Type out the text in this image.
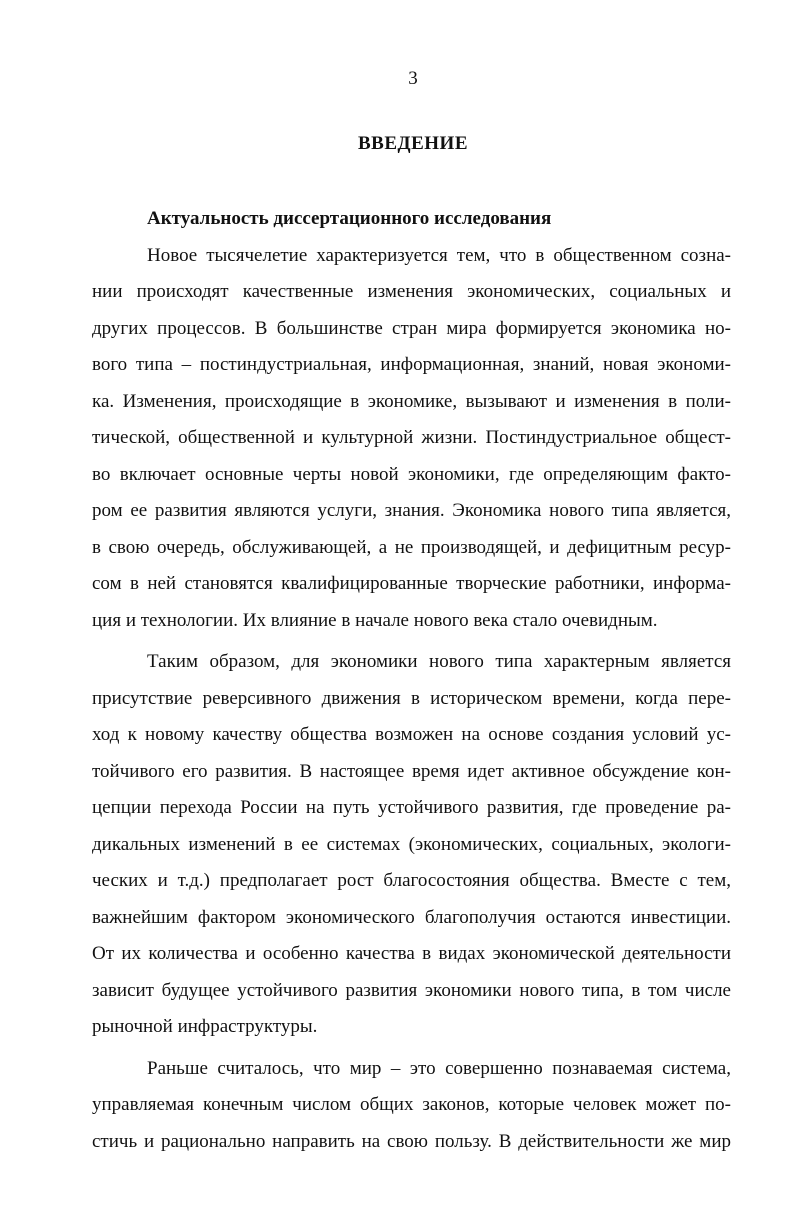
3
ВВЕДЕНИЕ
Актуальность диссертационного исследования
Новое тысячелетие характеризуется тем, что в общественном созна-
нии происходят качественные изменения экономических, социальных и
других процессов. В большинстве стран мира формируется экономика но-
вого типа – постиндустриальная, информационная, знаний, новая экономи-
ка. Изменения, происходящие в экономике, вызывают и изменения в поли-
тической, общественной и культурной жизни. Постиндустриальное общест-
во включает основные черты новой экономики, где определяющим факто-
ром ее развития являются услуги, знания. Экономика нового типа является,
в свою очередь, обслуживающей, а не производящей, и дефицитным ресур-
сом в ней становятся квалифицированные творческие работники, информа-
ция и технологии. Их влияние в начале нового века стало очевидным.
Таким образом, для экономики нового типа характерным является
присутствие реверсивного движения в историческом времени, когда пере-
ход к новому качеству общества возможен на основе создания условий ус-
тойчивого его развития. В настоящее время идет активное обсуждение кон-
цепции перехода России на путь устойчивого развития, где проведение ра-
дикальных изменений в ее системах (экономических, социальных, экологи-
ческих и т.д.) предполагает рост благосостояния общества. Вместе с тем,
важнейшим фактором экономического благополучия остаются инвестиции.
От их количества и особенно качества в видах экономической деятельности
зависит будущее устойчивого развития экономики нового типа, в том числе
рыночной инфраструктуры.
Раньше считалось, что мир – это совершенно познаваемая система,
управляемая конечным числом общих законов, которые человек может по-
стичь и рационально направить на свою пользу. В действительности же мир
